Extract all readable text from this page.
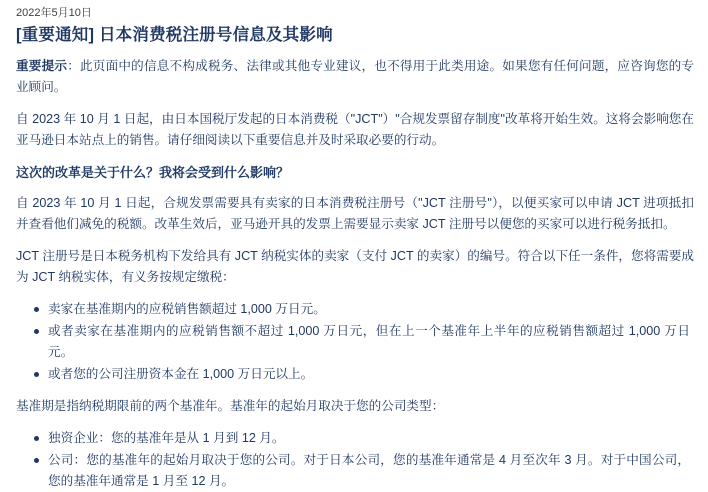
2022年5月10日
[重要通知] 日本消费税注册号信息及其影响

重要提示：此页面中的信息不构成税务、法律或其他专业建议，也不得用于此类用途。如果您有任何问题，应咨询您的专业顾问。

自 2023 年 10 月 1 日起，由日本国税厅发起的日本消费税（"JCT"）"合规发票留存制度"改革将开始生效。这将会影响您在亚马逊日本站点上的销售。请仔细阅读以下重要信息并及时采取必要的行动。

这次的改革是关于什么？我将会受到什么影响？

自 2023 年 10 月 1 日起，合规发票需要具有卖家的日本消费税注册号（"JCT 注册号"），以便买家可以申请 JCT 进项抵扣并查看他们减免的税额。改革生效后，亚马逊开具的发票上需要显示卖家 JCT 注册号以便您的买家可以进行税务抵扣。

JCT 注册号是日本税务机构下发给具有 JCT 纳税实体的卖家（支付 JCT 的卖家）的编号。符合以下任一条件，您将需要成为 JCT 纳税实体，有义务按规定缴税：

卖家在基准期内的应税销售额超过 1,000 万日元。
或者卖家在基准期内的应税销售额不超过 1,000 万日元，但在上一个基准年上半年的应税销售额超过 1,000 万日元。
或者您的公司注册资本金在 1,000 万日元以上。

基准期是指纳税期限前的两个基准年。基准年的起始月取决于您的公司类型：

独资企业：您的基准年是从 1 月到 12 月。
公司：您的基准年的起始月取决于您的公司。对于日本公司，您的基准年通常是 4 月至次年 3 月。对于中国公司，您的基准年通常是 1 月至 12 月。
